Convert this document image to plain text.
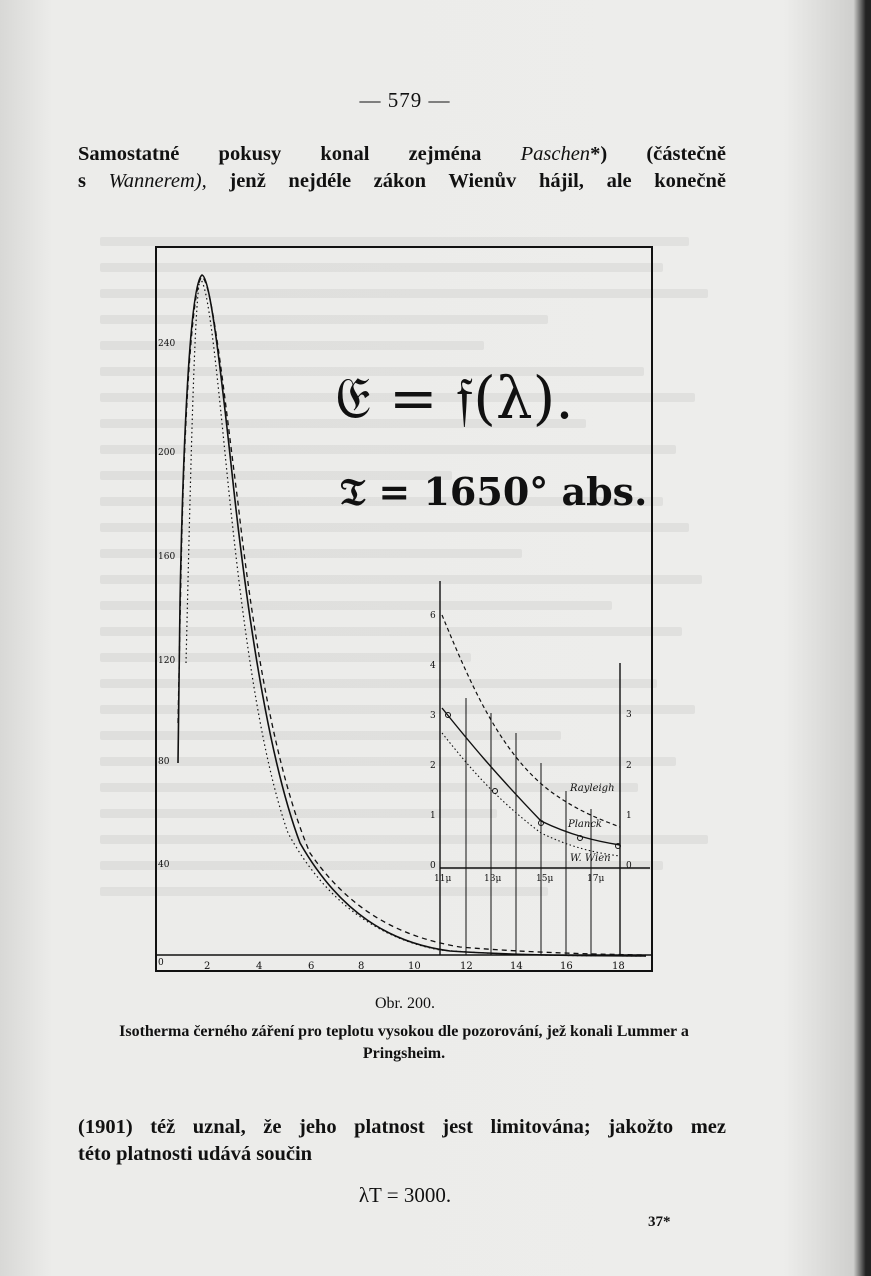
— 579 —
Samostatné pokusy konal zejména Paschen*) (částečně
s Wannerem), jenž nejdéle zákon Wienův hájil, ale konečně
240
200
160
120
80
40
0	2	4	6	8	10	12	14	16	18
𝔈 = 𝔣(λ).
𝔗 = 1650° abs.
6
4
3
2
1
0
11μ	13μ	15μ	17μ
3
2
1
0
Rayleigh
Planck
W. Wien
Obr. 200.
Isotherma černého záření pro teplotu vysokou dle pozorování, jež konali Lummer a Pringsheim.
(1901) též uznal, že jeho platnost jest limitována; jakožto mez
této platnosti udává součin
λT = 3000.
37*
